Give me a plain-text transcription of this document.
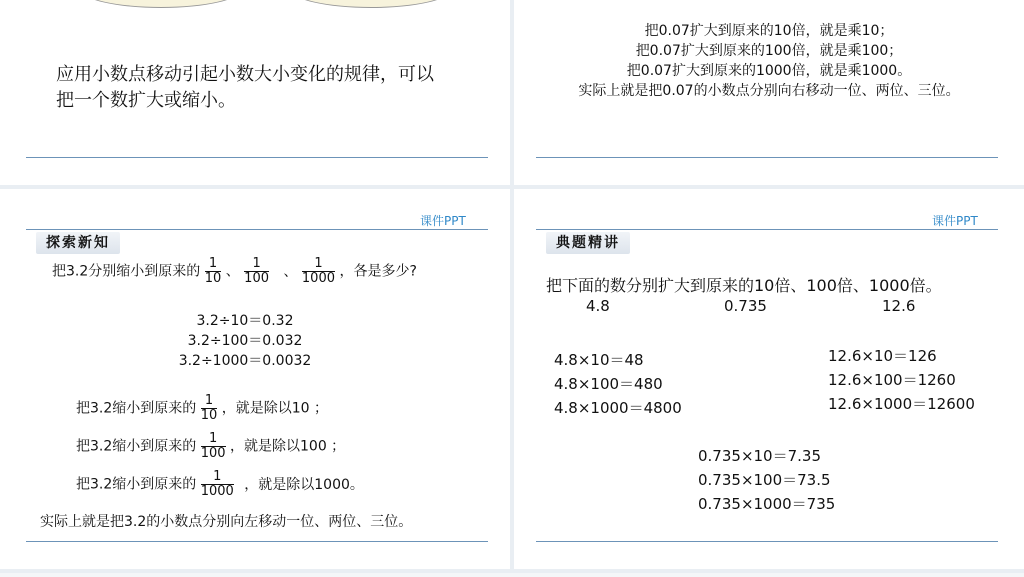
应用小数点移动引起小数大小变化的规律，可以
把一个数扩大或缩小。
把0.07扩大到原来的10倍，就是乘10；
把0.07扩大到原来的100倍，就是乘100；
把0.07扩大到原来的1000倍，就是乘1000。
实际上就是把0.07的小数点分别向右移动一位、两位、三位。
课件PPT
探索新知
把3.2分别缩小到原来的 $\frac{1}{10}$ 、 $\frac{1}{100}$ 、 $\frac{1}{1000}$ ，各是多少?
3.2÷10＝0.32
3.2÷100＝0.032
3.2÷1000＝0.0032
把3.2缩小到原来的 $\frac{1}{10}$ ，就是除以10 ；
把3.2缩小到原来的 $\frac{1}{100}$ ，就是除以100 ；
把3.2缩小到原来的 $\frac{1}{1000}$ ，就是除以1000。
实际上就是把3.2的小数点分别向左移动一位、两位、三位。
课件PPT
典题精讲
把下面的数分别扩大到原来的10倍、100倍、1000倍。
4.8	0.735	12.6
4.8×10＝48
4.8×100＝480
4.8×1000＝4800
12.6×10＝126
12.6×100＝1260
12.6×1000＝12600
0.735×10＝7.35
0.735×100＝73.5
0.735×1000＝735
